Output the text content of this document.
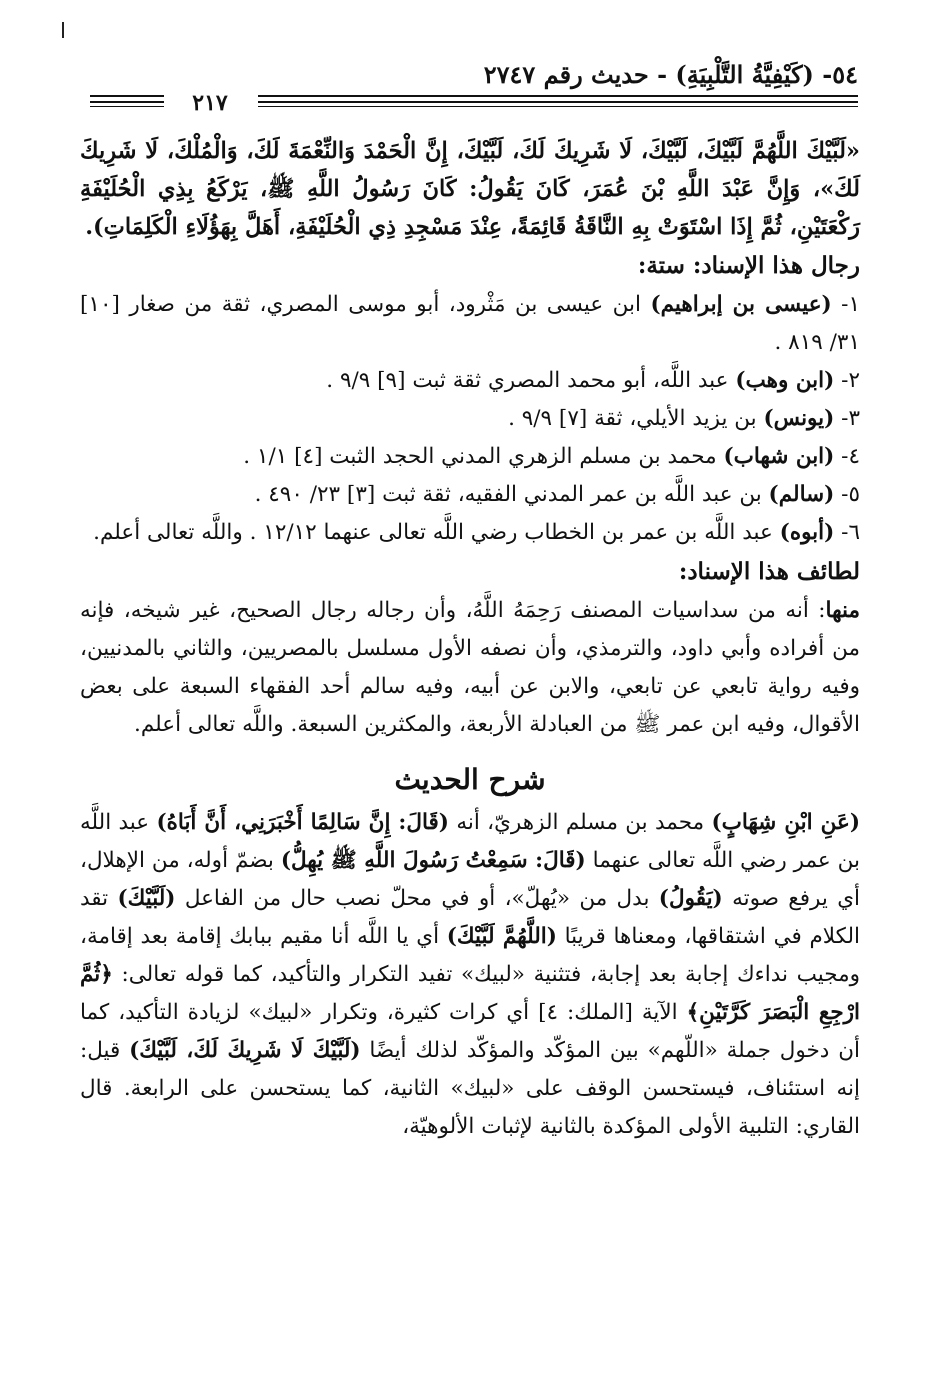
٥٤- (كَيْفِيَّةُ التَّلْبِيَةِ) - حديث رقم ٢٧٤٧
٢١٧

«لَبَّيْكَ اللَّهُمَّ لَبَّيْكَ، لَبَّيْكَ، لَا شَرِيكَ لَكَ، لَبَّيْكَ، إِنَّ الْحَمْدَ وَالنِّعْمَةَ لَكَ، وَالْمُلْكَ، لَا شَرِيكَ لَكَ»، وَإِنَّ عَبْدَ اللَّهِ بْنَ عُمَرَ، كَانَ يَقُولُ: كَانَ رَسُولُ اللَّهِ ﷺ، يَرْكَعُ بِذِي الْحُلَيْفَةِ رَكْعَتَيْنِ، ثُمَّ إِذَا اسْتَوَتْ بِهِ النَّاقَةُ قَائِمَةً، عِنْدَ مَسْجِدِ ذِي الْحُلَيْفَةِ، أَهَلَّ بِهَؤُلَاءِ الْكَلِمَاتِ).

رجال هذا الإسناد: ستة:

١- (عيسى بن إبراهيم) ابن عيسى بن مَثْرود، أبو موسى المصري، ثقة من صغار [١٠] ٣١/ ٨١٩ .

٢- (ابن وهب) عبد اللَّه، أبو محمد المصري ثقة ثبت [٩] ٩/٩ .

٣- (يونس) بن يزيد الأيلي، ثقة [٧] ٩/٩ .

٤- (ابن شهاب) محمد بن مسلم الزهري المدني الحجد الثبت [٤] ١/١ .

٥- (سالم) بن عبد اللَّه بن عمر المدني الفقيه، ثقة ثبت [٣] ٢٣/ ٤٩٠ .

٦- (أبوه) عبد اللَّه بن عمر بن الخطاب رضي اللَّه تعالى عنهما ١٢/١٢ . واللَّه تعالى أعلم.

لطائف هذا الإسناد:

منها: أنه من سداسيات المصنف رَحِمَهُ اللَّهُ، وأن رجاله رجال الصحيح، غير شيخه، فإنه من أفراده وأبي داود، والترمذي، وأن نصفه الأول مسلسل بالمصريين، والثاني بالمدنيين، وفيه رواية تابعي عن تابعي، والابن عن أبيه، وفيه سالم أحد الفقهاء السبعة على بعض الأقوال، وفيه ابن عمر ﷺ من العبادلة الأربعة، والمكثرين السبعة. واللَّه تعالى أعلم.

شرح الحديث

(عَنِ ابْنِ شِهَابٍ) محمد بن مسلم الزهريّ، أنه (قَالَ: إِنَّ سَالِمًا أَخْبَرَنِي، أَنَّ أَبَاهُ) عبد اللَّه بن عمر رضي اللَّه تعالى عنهما (قَالَ: سَمِعْتُ رَسُولَ اللَّهِ ﷺ يُهِلُّ) بضمّ أوله، من الإهلال، أي يرفع صوته (يَقُولُ) بدل من «يُهلّ»، أو في محلّ نصب حال من الفاعل (لَبَّيْكَ) تقد الكلام في اشتقاقها، ومعناها قريبًا (اللَّهُمَّ لَبَّيْكَ) أي يا اللَّه أنا مقيم ببابك إقامة بعد إقامة، ومجيب نداءك إجابة بعد إجابة، فتثنية «لبيك» تفيد التكرار والتأكيد، كما قوله تعالى: ﴿ثُمَّ ارْجِعِ الْبَصَرَ كَرَّتَيْنِ﴾ الآية [الملك: ٤] أي كرات كثيرة، وتكرار «لبيك» لزيادة التأكيد، كما أن دخول جملة «اللّهم» بين المؤكّد والمؤكّد لذلك أيضًا (لَبَّيْكَ لَا شَرِيكَ لَكَ، لَبَّيْكَ) قيل: إنه استئناف، فيستحسن الوقف على «لبيك» الثانية، كما يستحسن على الرابعة. قال القاري: التلبية الأولى المؤكدة بالثانية لإثبات الألوهيّة،
